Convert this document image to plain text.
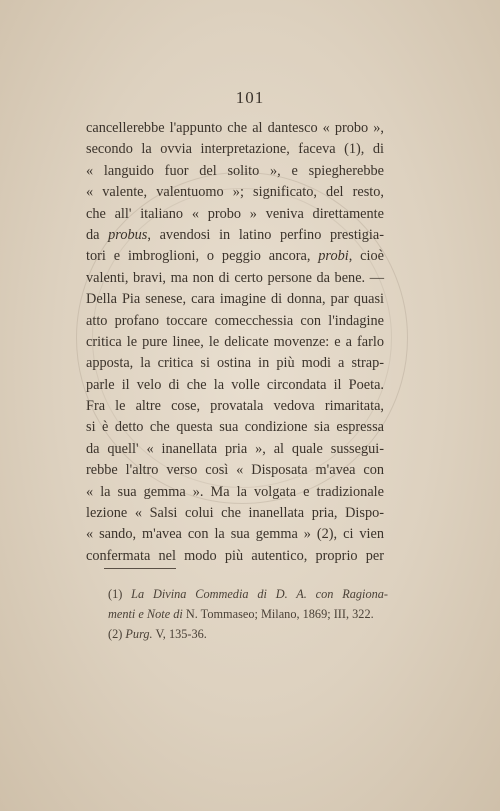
101
cancellerebbe l'appunto che al dantesco « probo »,
secondo la ovvia interpretazione, faceva (1), di
« languido fuor del solito », e spiegherebbe
« valente, valentuomo »; significato, del resto,
che all' italiano « probo » veniva direttamente
da probus, avendosi in latino perfino prestigia-
tori e imbroglioni, o peggio ancora, probi, cioè
valenti, bravi, ma non di certo persone da bene. —
Della Pia senese, cara imagine di donna, par quasi
atto profano toccare comecchessia con l'indagine
critica le pure linee, le delicate movenze: e a farlo
apposta, la critica si ostina in più modi a strap-
parle il velo di che la volle circondata il Poeta.
Fra le altre cose, provatala vedova rimaritata,
si è detto che questa sua condizione sia espressa
da quell' « inanellata pria », al quale sussegui-
rebbe l'altro verso così « Disposata m'avea con
« la sua gemma ». Ma la volgata e tradizionale
lezione « Salsi colui che inanellata pria, Dispo-
« sando, m'avea con la sua gemma » (2), ci vien
confermata nel modo più autentico, proprio per
(1) La Divina Commedia di D. A. con Ragiona-
menti e Note di N. Tommaseo; Milano, 1869; III, 322.
(2) Purg. V, 135-36.
